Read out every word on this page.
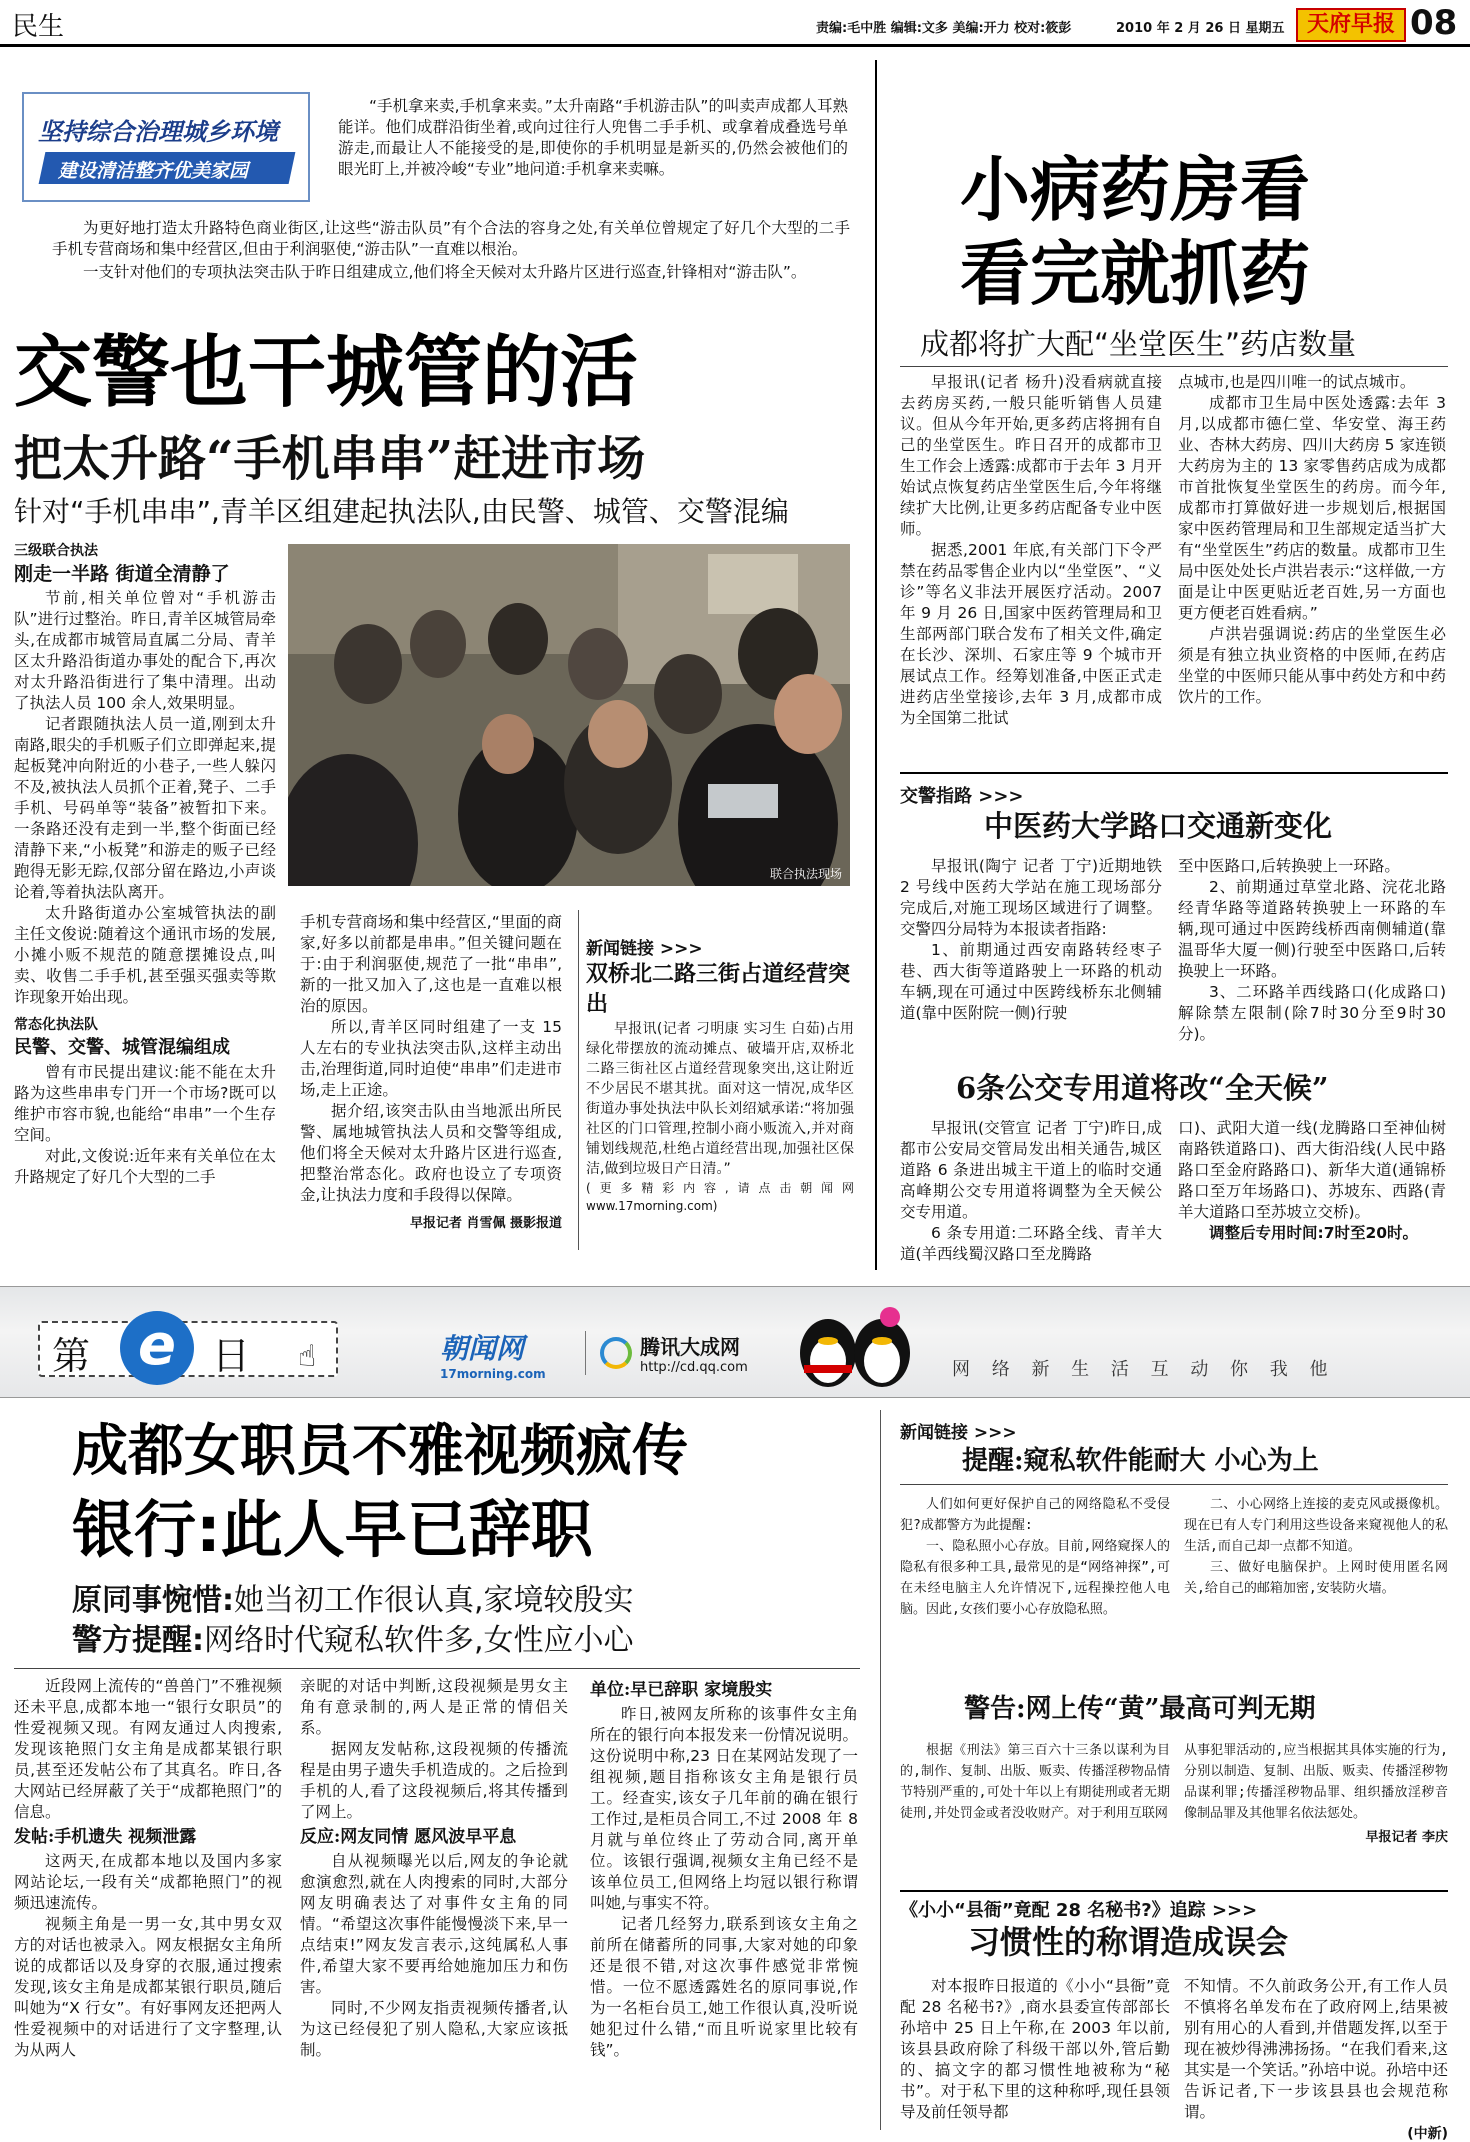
民生	责编:毛中胜 编辑:文多 美编:开力 校对:筱彭	2010 年 2 月 26 日 星期五	天府早报 08
坚持综合治理城乡环境
建设清洁整齐优美家园

“手机拿来卖,手机拿来卖。”太升南路“手机游击队”的叫卖声成都人耳熟能详。他们成群沿街坐着,或向过往行人兜售二手手机、或拿着成叠选号单游走,而最让人不能接受的是,即使你的手机明显是新买的,仍然会被他们的眼光盯上,并被冷峻“专业”地问道:手机拿来卖嘛。

为更好地打造太升路特色商业街区,让这些“游击队员”有个合法的容身之处,有关单位曾规定了好几个大型的二手手机专营商场和集中经营区,但由于利润驱使,“游击队”一直难以根治。

一支针对他们的专项执法突击队于昨日组建成立,他们将全天候对太升路片区进行巡查,针锋相对“游击队”。

交警也干城管的活
把太升路“手机串串”赶进市场
针对“手机串串”,青羊区组建起执法队,由民警、城管、交警混编
三级联合执法
刚走一半路 街道全清静了

节前,相关单位曾对“手机游击队”进行过整治。昨日,青羊区城管局牵头,在成都市城管局直属二分局、青羊区太升路沿街道办事处的配合下,再次对太升路沿街进行了集中清理。出动了执法人员 100 余人,效果明显。

记者跟随执法人员一道,刚到太升南路,眼尖的手机贩子们立即弹起来,提起板凳冲向附近的小巷子,一些人躲闪不及,被执法人员抓个正着,凳子、二手手机、号码单等“装备”被暂扣下来。一条路还没有走到一半,整个街面已经清静下来,“小板凳”和游走的贩子已经跑得无影无踪,仅部分留在路边,小声谈论着,等着执法队离开。

太升路街道办公室城管执法的副主任文俊说:随着这个通讯市场的发展,小摊小贩不规范的随意摆摊设点,叫卖、收售二手手机,甚至强买强卖等欺诈现象开始出现。

常态化执法队
民警、交警、城管混编组成

曾有市民提出建议:能不能在太升路为这些串串专门开一个市场?既可以维护市容市貌,也能给“串串”一个生存空间。

对此,文俊说:近年来有关单位在太升路规定了好几个大型的二手

联合执法现场

手机专营商场和集中经营区,“里面的商家,好多以前都是串串。”但关键问题在于:由于利润驱使,规范了一批“串串”,新的一批又加入了,这也是一直难以根治的原因。

所以,青羊区同时组建了一支 15 人左右的专业执法突击队,这样主动出击,治理街道,同时迫使“串串”们走进市场,走上正途。

据介绍,该突击队由当地派出所民警、属地城管执法人员和交警等组成,他们将全天候对太升路片区进行巡查,把整治常态化。政府也设立了专项资金,让执法力度和手段得以保障。

早报记者 肖雪佩 摄影报道
新闻链接 >>>
双桥北二路三街占道经营突出

早报讯(记者 刁明康 实习生 白茹)占用绿化带摆放的流动摊点、破墙开店,双桥北二路三街社区占道经营现象突出,这让附近不少居民不堪其扰。面对这一情况,成华区街道办事处执法中队长刘绍斌承诺:“将加强社区的门口管理,控制小商小贩流入,并对商铺划线规范,杜绝占道经营出现,加强社区保洁,做到垃圾日产日清。”

(更多精彩内容,请点击朝闻网 www.17morning.com)

小病药房看
看完就抓药
成都将扩大配“坐堂医生”药店数量

早报讯(记者 杨升)没看病就直接去药房买药,一般只能听销售人员建议。但从今年开始,更多药店将拥有自己的坐堂医生。昨日召开的成都市卫生工作会上透露:成都市于去年 3 月开始试点恢复药店坐堂医生后,今年将继续扩大比例,让更多药店配备专业中医师。

据悉,2001 年底,有关部门下令严禁在药品零售企业内以“坐堂医”、“义诊”等名义非法开展医疗活动。2007 年 9 月 26 日,国家中医药管理局和卫生部两部门联合发布了相关文件,确定在长沙、深圳、石家庄等 9 个城市开展试点工作。经筹划准备,中医正式走进药店坐堂接诊,去年 3 月,成都市成为全国第二批试

点城市,也是四川唯一的试点城市。

成都市卫生局中医处透露:去年 3 月,以成都市德仁堂、华安堂、海王药业、杏林大药房、四川大药房 5 家连锁大药房为主的 13 家零售药店成为成都市首批恢复坐堂医生的药房。而今年,成都市打算做好进一步规划后,根据国家中医药管理局和卫生部规定适当扩大有“坐堂医生”药店的数量。成都市卫生局中医处处长卢洪岩表示:“这样做,一方面是让中医更贴近老百姓,另一方面也更方便老百姓看病。”

卢洪岩强调说:药店的坐堂医生必须是有独立执业资格的中医师,在药店坐堂的中医师只能从事中药处方和中药饮片的工作。

交警指路 >>>
中医药大学路口交通新变化

早报讯(陶宁 记者 丁宁)近期地铁 2 号线中医药大学站在施工现场部分完成后,对施工现场区域进行了调整。交警四分局特为本报读者指路:

1、前期通过西安南路转经枣子巷、西大街等道路驶上一环路的机动车辆,现在可通过中医跨线桥东北侧辅道(靠中医附院一侧)行驶

至中医路口,后转换驶上一环路。

2、前期通过草堂北路、浣花北路经青华路等道路转换驶上一环路的车辆,现可通过中医跨线桥西南侧辅道(靠温哥华大厦一侧)行驶至中医路口,后转换驶上一环路。

3、二环路羊西线路口(化成路口)解除禁左限制(除7时30分至9时30分)。

6条公交专用道将改“全天候”

早报讯(交管宣 记者 丁宁)昨日,成都市公安局交管局发出相关通告,城区道路 6 条进出城主干道上的临时交通高峰期公交专用道将调整为全天候公交专用道。

6 条专用道:二环路全线、青羊大道(羊西线蜀汉路口至龙腾路

口)、武阳大道一线(龙腾路口至神仙树南路铁道路口)、西大街沿线(人民中路路口至金府路路口)、新华大道(通锦桥路口至万年场路口)、苏坡东、西路(青羊大道路口至苏坡立交桥)。

调整后专用时间:7时至20时。

第 e 日 ☝	朝闻网
17morning.com
腾讯大成网
http://cd.qq.com	网 络 新 生 活 互 动 你 我 他
成都女职员不雅视频疯传
银行:此人早已辞职
原同事惋惜:她当初工作很认真,家境较殷实
警方提醒:网络时代窥私软件多,女性应小心

近段网上流传的“兽兽门”不雅视频还未平息,成都本地一“银行女职员”的性爱视频又现。有网友通过人肉搜索,发现该艳照门女主角是成都某银行职员,甚至还发帖公布了其真名。昨日,各大网站已经屏蔽了关于“成都艳照门”的信息。

发帖:手机遗失 视频泄露

这两天,在成都本地以及国内多家网站论坛,一段有关“成都艳照门”的视频迅速流传。

视频主角是一男一女,其中男女双方的对话也被录入。网友根据女主角所说的成都话以及身穿的衣服,通过搜索发现,该女主角是成都某银行职员,随后叫她为“X 行女”。有好事网友还把两人性爱视频中的对话进行了文字整理,认为从两人

亲昵的对话中判断,这段视频是男女主角有意录制的,两人是正常的情侣关系。

据网友发帖称,这段视频的传播流程是由男子遗失手机造成的。之后捡到手机的人,看了这段视频后,将其传播到了网上。

反应:网友同情 愿风波早平息

自从视频曝光以后,网友的争论就愈演愈烈,就在人肉搜索的同时,大部分网友明确表达了对事件女主角的同情。“希望这次事件能慢慢淡下来,早一点结束!”网友发言表示,这纯属私人事件,希望大家不要再给她施加压力和伤害。

同时,不少网友指责视频传播者,认为这已经侵犯了别人隐私,大家应该抵制。

单位:早已辞职 家境殷实

昨日,被网友所称的该事件女主角所在的银行向本报发来一份情况说明。这份说明中称,23 日在某网站发现了一组视频,题目指称该女主角是银行员工。经查实,该女子几年前的确在银行工作过,是柜员合同工,不过 2008 年 8 月就与单位终止了劳动合同,离开单位。该银行强调,视频女主角已经不是该单位员工,但网络上均冠以银行称谓叫她,与事实不符。

记者几经努力,联系到该女主角之前所在储蓄所的同事,大家对她的印象还是很不错,对这次事件感觉非常惋惜。一位不愿透露姓名的原同事说,作为一名柜台员工,她工作很认真,没听说她犯过什么错,“而且听说家里比较有钱”。

新闻链接 >>>
提醒:窥私软件能耐大 小心为上

人们如何更好保护自己的网络隐私不受侵犯?成都警方为此提醒:

一、隐私照小心存放。目前,网络窥探人的隐私有很多种工具,最常见的是“网络神探”,可在未经电脑主人允许情况下,远程操控他人电脑。因此,女孩们要小心存放隐私照。

二、小心网络上连接的麦克风或摄像机。现在已有人专门利用这些设备来窥视他人的私生活,而自己却一点都不知道。

三、做好电脑保护。上网时使用匿名网关,给自己的邮箱加密,安装防火墙。

警告:网上传“黄”最高可判无期

根据《刑法》第三百六十三条以谋利为目的,制作、复制、出版、贩卖、传播淫秽物品情节特别严重的,可处十年以上有期徒刑或者无期徒刑,并处罚金或者没收财产。对于利用互联网

从事犯罪活动的,应当根据其具体实施的行为,分别以制造、复制、出版、贩卖、传播淫秽物品谋利罪;传播淫秽物品罪、组织播放淫秽音像制品罪及其他罪名依法惩处。

早报记者 李庆
《小小“县衙”竟配 28 名秘书?》追踪 >>>
习惯性的称谓造成误会

对本报昨日报道的《小小“县衙”竟配 28 名秘书?》,商水县委宣传部部长孙培中 25 日上午称,在 2003 年以前,该县县政府除了科级干部以外,管后勤的、搞文字的都习惯性地被称为“秘书”。对于私下里的这种称呼,现任县领导及前任领导都

不知情。不久前政务公开,有工作人员不慎将名单发布在了政府网上,结果被别有用心的人看到,并借题发挥,以至于现在被炒得沸沸扬扬。“在我们看来,这其实是一个笑话。”孙培中说。孙培中还告诉记者,下一步该县县也会规范称谓。

(中新)
